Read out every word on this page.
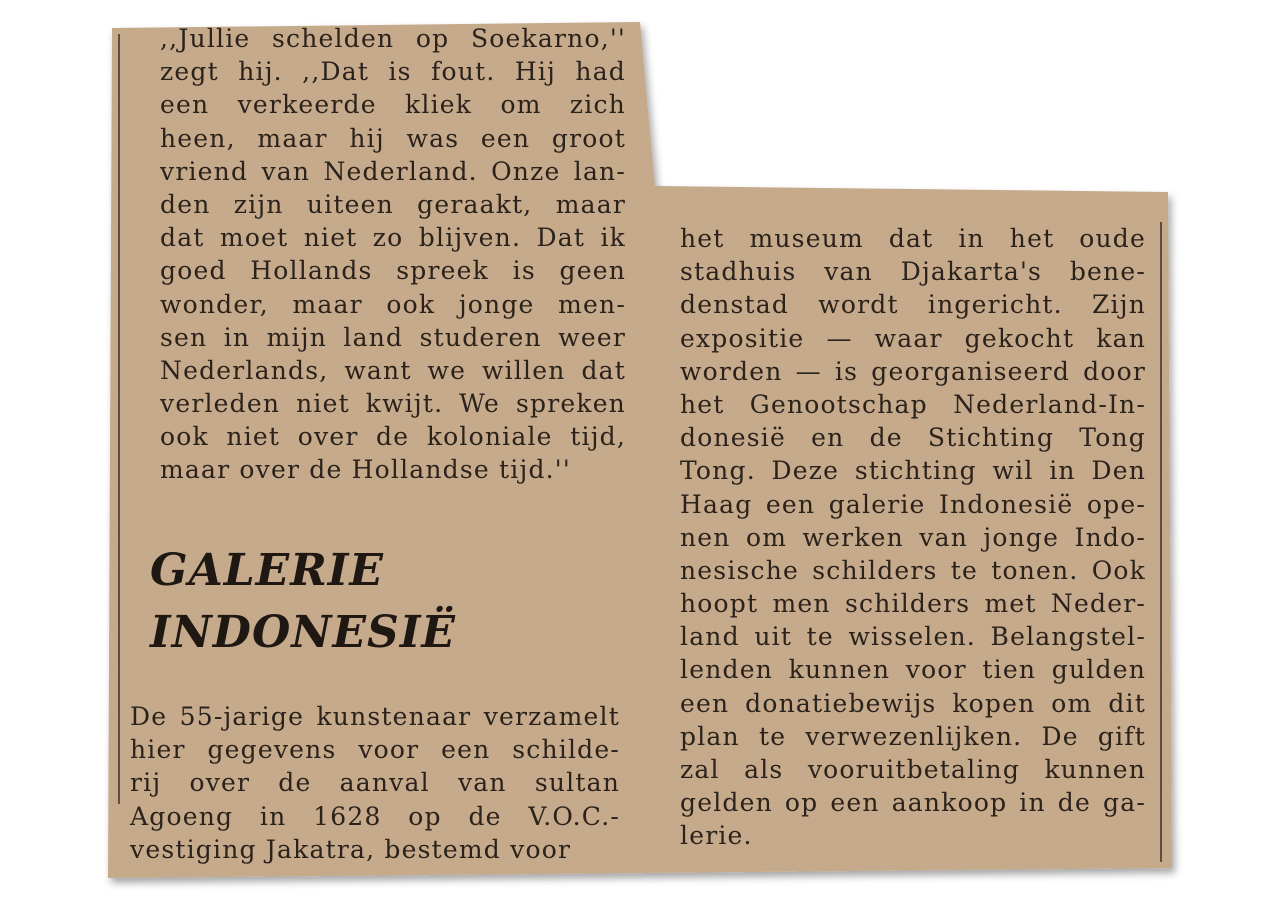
,,Jullie schelden op Soekarno,''
zegt hij. ,,Dat is fout. Hij had
een verkeerde kliek om zich
heen, maar hij was een groot
vriend van Nederland. Onze lan-
den zijn uiteen geraakt, maar
dat moet niet zo blijven. Dat ik
goed Hollands spreek is geen
wonder, maar ook jonge men-
sen in mijn land studeren weer
Nederlands, want we willen dat
verleden niet kwijt. We spreken
ook niet over de koloniale tijd,
maar over de Hollandse tijd.''
GALERIE
INDONESIË
De 55-jarige kunstenaar verzamelt
hier gegevens voor een schilde-
rij over de aanval van sultan
Agoeng in 1628 op de V.O.C.-
vestiging Jakatra, bestemd voor
het museum dat in het oude
stadhuis van Djakarta's bene-
denstad wordt ingericht. Zijn
expositie — waar gekocht kan
worden — is georganiseerd door
het Genootschap Nederland-In-
donesië en de Stichting Tong
Tong. Deze stichting wil in Den
Haag een galerie Indonesië ope-
nen om werken van jonge Indo-
nesische schilders te tonen. Ook
hoopt men schilders met Neder-
land uit te wisselen. Belangstel-
lenden kunnen voor tien gulden
een donatiebewijs kopen om dit
plan te verwezenlijken. De gift
zal als vooruitbetaling kunnen
gelden op een aankoop in de ga-
lerie.
